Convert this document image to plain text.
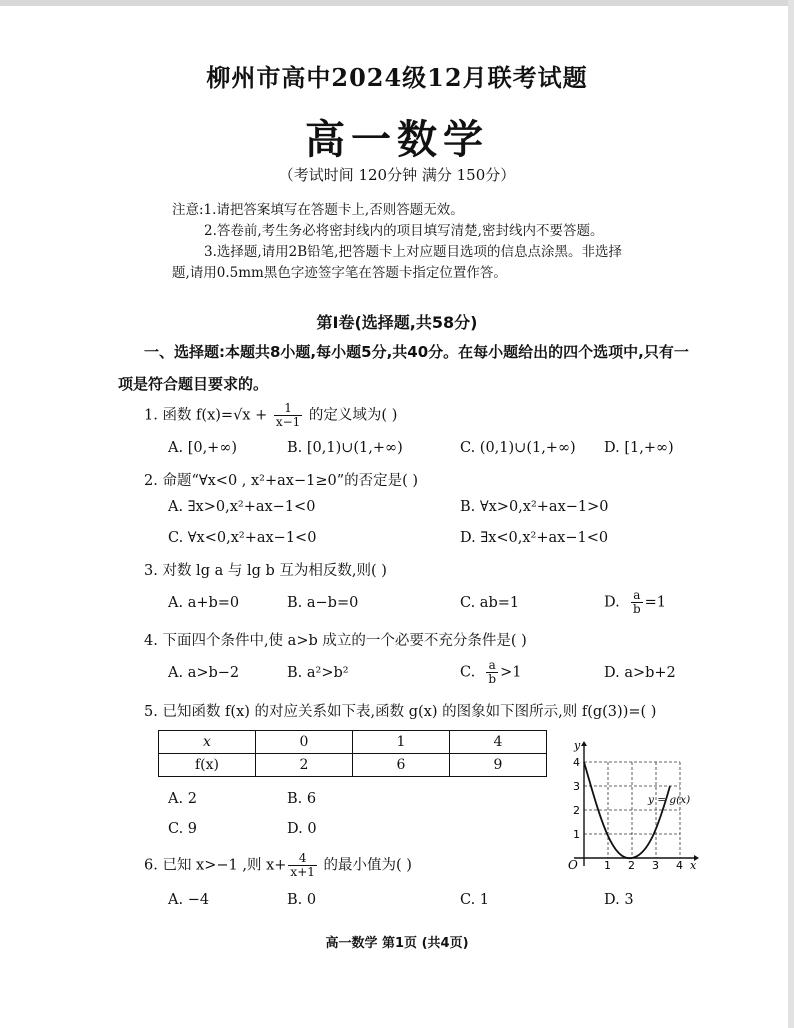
柳州市高中2024级12月联考试题
高一数学
（考试时间 120分钟 满分 150分）
注意:1.请把答案填写在答题卡上,否则答题无效。
2.答卷前,考生务必将密封线内的项目填写清楚,密封线内不要答题。
3.选择题,请用2B铅笔,把答题卡上对应题目选项的信息点涂黑。非选择
题,请用0.5mm黑色字迹签字笔在答题卡指定位置作答。
第Ⅰ卷(选择题,共58分)
一、选择题:本题共8小题,每小题5分,共40分。在每小题给出的四个选项中,只有一项是符合题目要求的。
1. 函数 $f(x)=√x + \frac{1}{x-1}$ 的定义域为( )
A. [0,+∞)	B. [0,1)∪(1,+∞)	C. (0,1)∪(1,+∞) D. [1,+∞)
2. 命题“∀x<0 , x²+ax−1≥0”的否定是( )
A. ∃x>0,x²+ax−1<0	B. ∀x>0,x²+ax−1>0
C. ∀x<0,x²+ax−1<0	D. ∃x<0,x²+ax−1<0
3. 对数 lg a 与 lg b 互为相反数,则( )
A. a+b=0	B. a−b=0	C. ab=1	D. $\frac{a}{b} =1$
4. 下面四个条件中,使 a>b 成立的一个必要不充分条件是( )
A. a>b−2	B. a²>b²	C. $\frac{a}{b} >1$	D. a>b+2
5. 已知函数 f(x) 的对应关系如下表,函数 g(x) 的图象如下图所示,则 f(g(3))=( )
x	0	1	4
f(x)	2	6	9
A. 2	B. 6
C. 9	D. 0
y
x
O 1 2 3 4
1
2
3
4
y = g(x)
6. 已知 x>−1 ,则 $x+ \frac{4}{x+1}$ 的最小值为( )
A. −4	B. 0	C. 1	D. 3
高一数学 第1页 (共4页)
